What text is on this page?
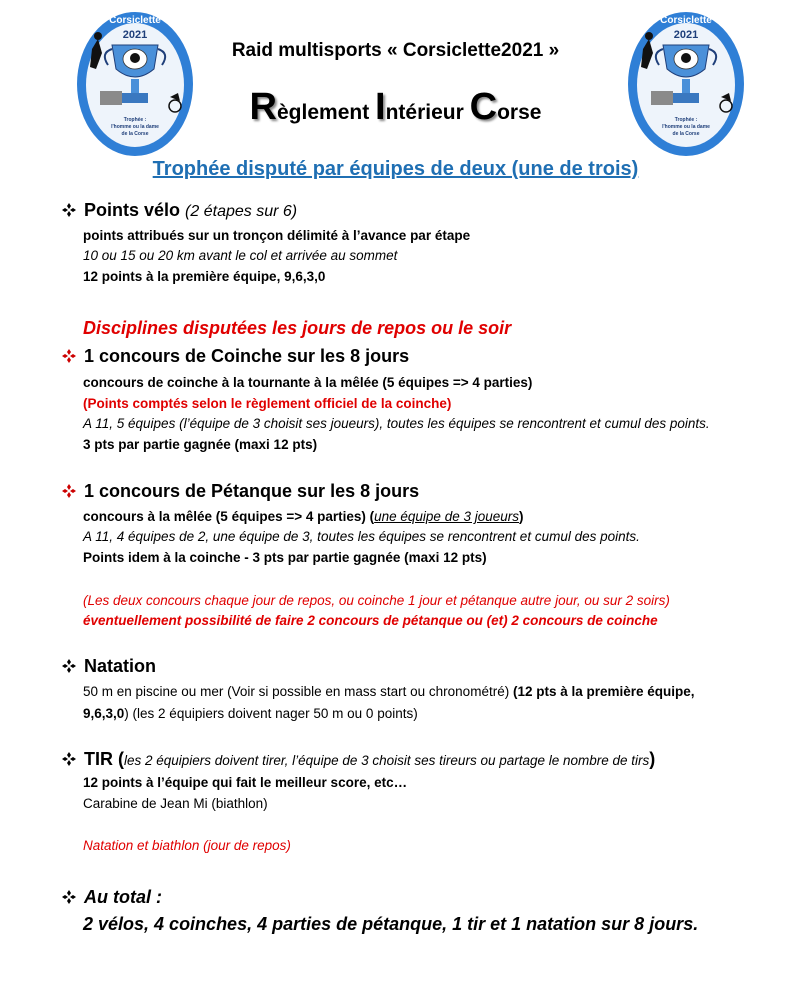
Corsiclette
2021
Trophée :
l'homme ou la dame
de la Corse
Corsiclette
2021
Trophée :
l'homme ou la dame
de la Corse
Raid multisports « Corsiclette2021 »
Règlement Intérieur Corse
Trophée disputé par équipes de deux (une de trois)
Points vélo (2 étapes sur 6)
points attribués sur un tronçon délimité à l’avance par étape
10 ou 15 ou 20 km avant le col et arrivée au sommet
12 points à la première équipe, 9,6,3,0
Disciplines disputées les jours de repos ou le soir
1 concours de Coinche sur les 8 jours
concours de coinche à la tournante à la mêlée (5 équipes => 4 parties)
(Points comptés selon le règlement officiel de la coinche)
A 11, 5 équipes (l’équipe de 3 choisit ses joueurs), toutes les équipes se rencontrent et cumul des points.
3 pts par partie gagnée (maxi 12 pts)
1 concours de Pétanque sur les 8 jours
concours à la mêlée (5 équipes => 4 parties) (une équipe de 3 joueurs)
A 11, 4 équipes de 2, une équipe de 3, toutes les équipes se rencontrent et cumul des points.
Points idem à la coinche - 3 pts par partie gagnée (maxi 12 pts)
(Les deux concours chaque jour de repos, ou coinche 1 jour et pétanque autre jour, ou sur 2 soirs)
éventuellement possibilité de faire 2 concours de pétanque ou (et) 2 concours de coinche
Natation
50 m en piscine ou mer (Voir si possible en mass start ou chronométré) (12 pts à la première équipe,
9,6,3,0) (les 2 équipiers doivent nager 50 m ou 0 points)
TIR (les 2 équipiers doivent tirer, l’équipe de 3 choisit ses tireurs ou partage le nombre de tirs)
12 points à l’équipe qui fait le meilleur score, etc…
Carabine de Jean Mi (biathlon)
Natation et biathlon (jour de repos)
Au total :
2 vélos, 4 coinches, 4 parties de pétanque, 1 tir et 1 natation sur 8 jours.
